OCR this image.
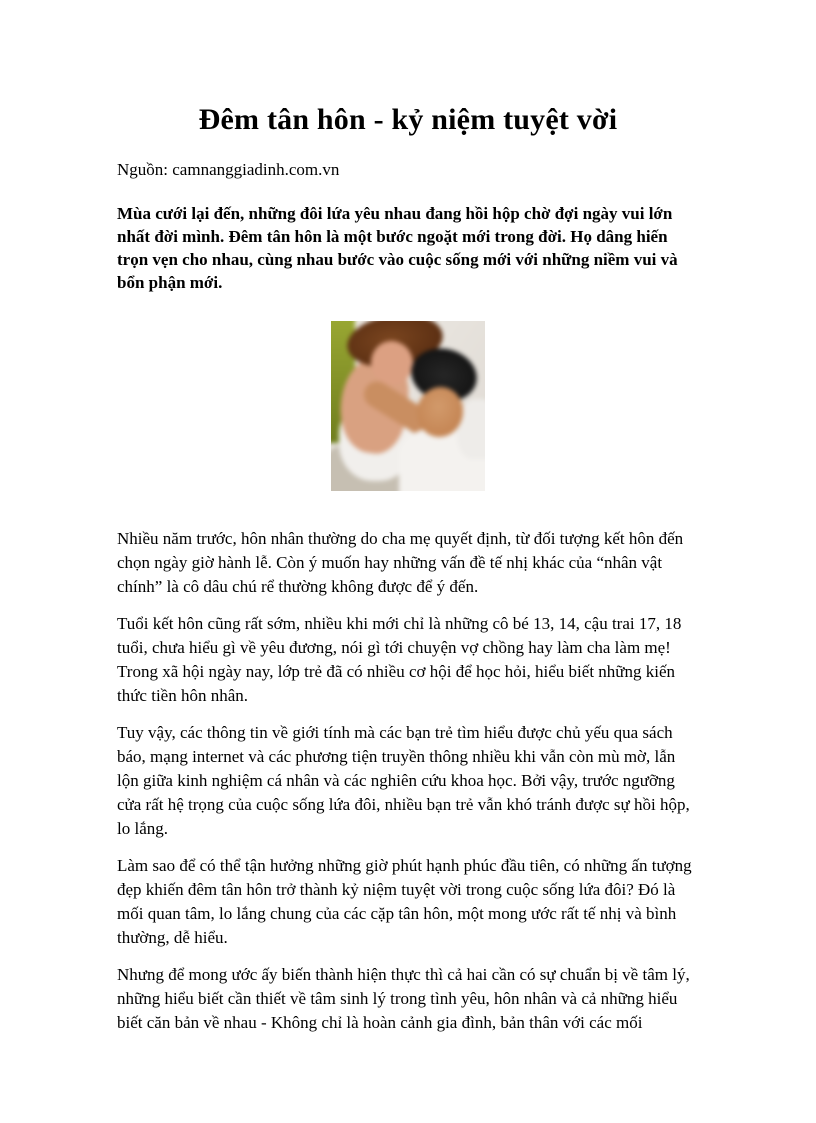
Đêm tân hôn - kỷ niệm tuyệt vời

Nguồn: camnanggiadinh.com.vn

Mùa cưới lại đến, những đôi lứa yêu nhau đang hồi hộp chờ đợi ngày vui lớn nhất đời mình. Đêm tân hôn là một bước ngoặt mới trong đời. Họ dâng hiến trọn vẹn cho nhau, cùng nhau bước vào cuộc sống mới với những niềm vui và bổn phận mới.

Nhiều năm trước, hôn nhân thường do cha mẹ quyết định, từ đối tượng kết hôn đến chọn ngày giờ hành lễ. Còn ý muốn hay những vấn đề tế nhị khác của “nhân vật chính” là cô dâu chú rể thường không được để ý đến.

Tuổi kết hôn cũng rất sớm, nhiều khi mới chỉ là những cô bé 13, 14, cậu trai 17, 18 tuổi, chưa hiểu gì về yêu đương, nói gì tới chuyện vợ chồng hay làm cha làm mẹ! Trong xã hội ngày nay, lớp trẻ đã có nhiều cơ hội để học hỏi, hiểu biết những kiến thức tiền hôn nhân.

Tuy vậy, các thông tin về giới tính mà các bạn trẻ tìm hiểu được chủ yếu qua sách báo, mạng internet và các phương tiện truyền thông nhiều khi vẫn còn mù mờ, lẫn lộn giữa kinh nghiệm cá nhân và các nghiên cứu khoa học. Bởi vậy, trước ngưỡng cửa rất hệ trọng của cuộc sống lứa đôi, nhiều bạn trẻ vẫn khó tránh được sự hồi hộp, lo lắng.

Làm sao để có thể tận hưởng những giờ phút hạnh phúc đầu tiên, có những ấn tượng đẹp khiến đêm tân hôn trở thành kỷ niệm tuyệt vời trong cuộc sống lứa đôi? Đó là mối quan tâm, lo lắng chung của các cặp tân hôn, một mong ước rất tế nhị và bình thường, dễ hiểu.

Nhưng để mong ước ấy biến thành hiện thực thì cả hai cần có sự chuẩn bị về tâm lý, những hiểu biết cần thiết về tâm sinh lý trong tình yêu, hôn nhân và cả những hiểu biết căn bản về nhau - Không chỉ là hoàn cảnh gia đình, bản thân với các mối
